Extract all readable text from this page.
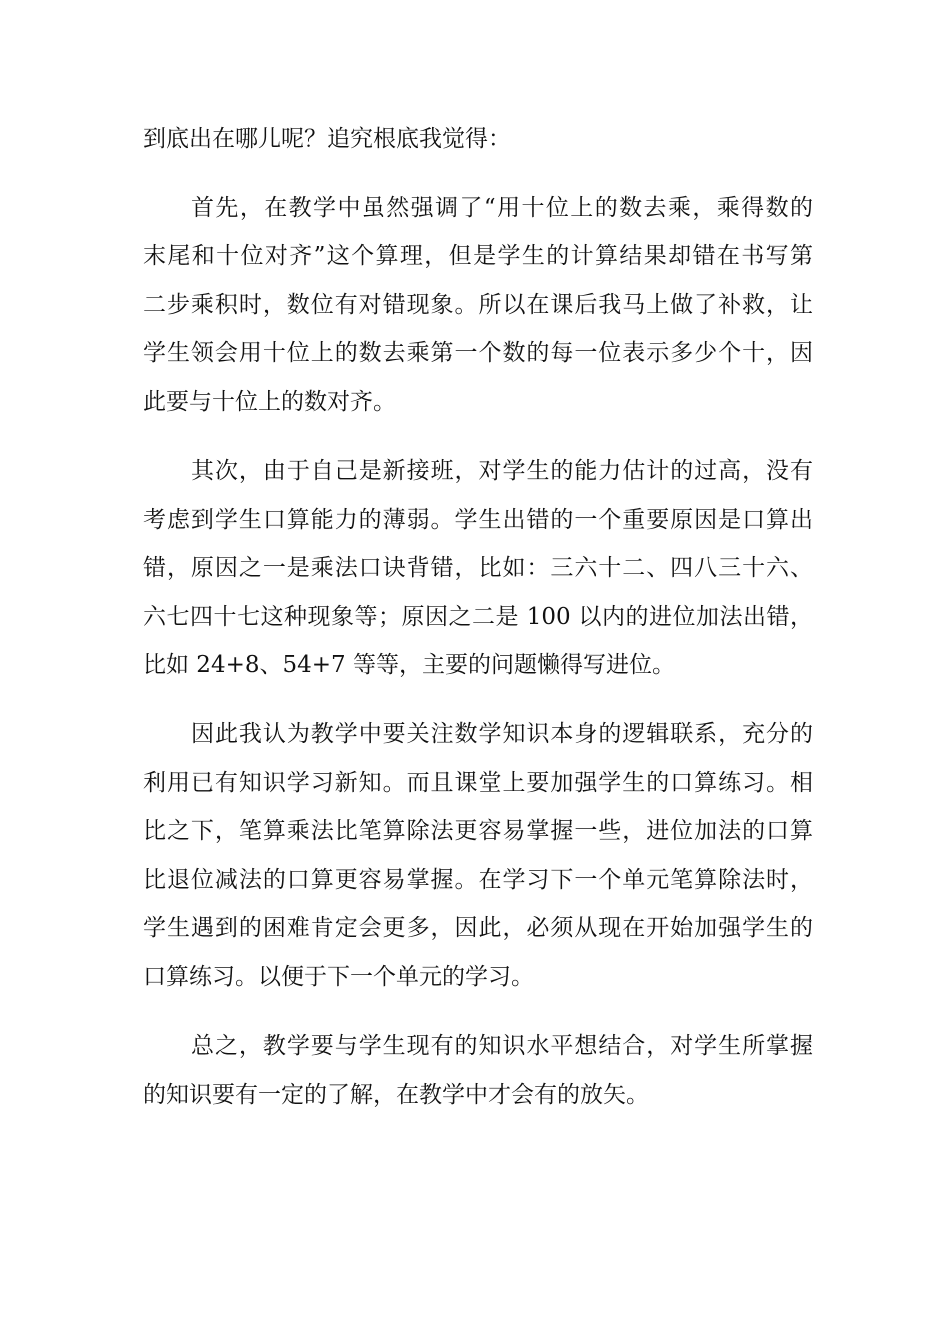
到底出在哪儿呢？追究根底我觉得：
首先，在教学中虽然强调了“用十位上的数去乘，乘得数的
末尾和十位对齐”这个算理，但是学生的计算结果却错在书写第
二步乘积时，数位有对错现象。所以在课后我马上做了补救，让
学生领会用十位上的数去乘第一个数的每一位表示多少个十，因
此要与十位上的数对齐。
其次，由于自己是新接班，对学生的能力估计的过高，没有
考虑到学生口算能力的薄弱。学生出错的一个重要原因是口算出
错，原因之一是乘法口诀背错，比如：三六十二、四八三十六、
六七四十七这种现象等；原因之二是 100 以内的进位加法出错，
比如 24+8、54+7 等等，主要的问题懒得写进位。
因此我认为教学中要关注数学知识本身的逻辑联系，充分的
利用已有知识学习新知。而且课堂上要加强学生的口算练习。相
比之下，笔算乘法比笔算除法更容易掌握一些，进位加法的口算
比退位减法的口算更容易掌握。在学习下一个单元笔算除法时，
学生遇到的困难肯定会更多，因此，必须从现在开始加强学生的
口算练习。以便于下一个单元的学习。
总之，教学要与学生现有的知识水平想结合，对学生所掌握
的知识要有一定的了解，在教学中才会有的放矢。
